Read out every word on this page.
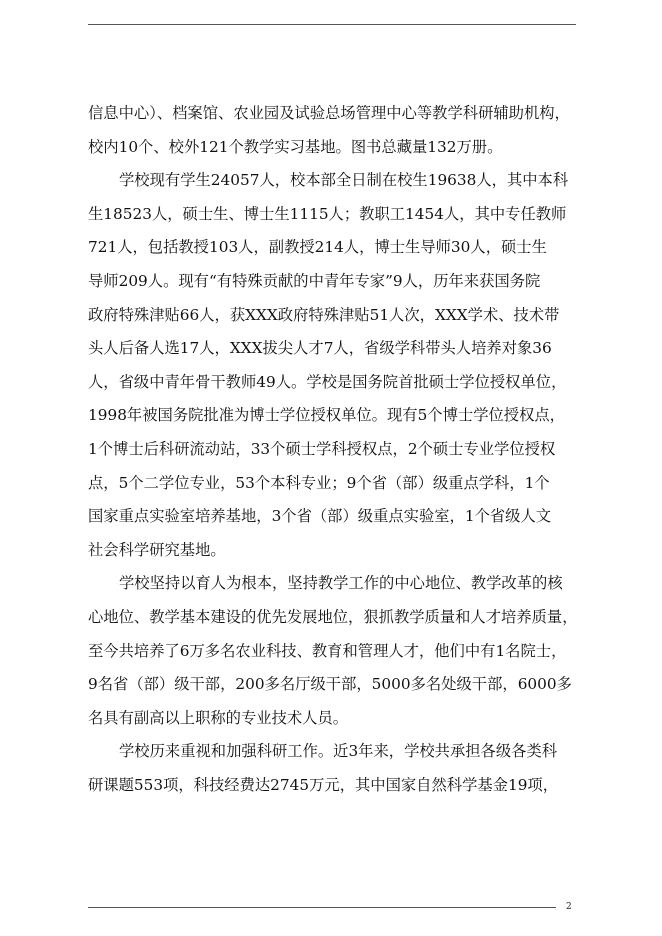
信息中心）、档案馆、农业园及试验总场管理中心等教学科研辅助机构，
校内10个、校外121个教学实习基地。图书总藏量132万册。
学校现有学生24057人，校本部全日制在校生19638人，其中本科
生18523人，硕士生、博士生1115人；教职工1454人，其中专任教师
721人，包括教授103人，副教授214人，博士生导师30人，硕士生
导师209人。现有“有特殊贡献的中青年专家”9人，历年来获国务院
政府特殊津贴66人，获XXX政府特殊津贴51人次，XXX学术、技术带
头人后备人选17人，XXX拔尖人才7人，省级学科带头人培养对象36
人，省级中青年骨干教师49人。学校是国务院首批硕士学位授权单位，
1998年被国务院批准为博士学位授权单位。现有5个博士学位授权点，
1个博士后科研流动站，33个硕士学科授权点，2个硕士专业学位授权
点，5个二学位专业，53个本科专业；9个省（部）级重点学科，1个
国家重点实验室培养基地，3个省（部）级重点实验室，1个省级人文
社会科学研究基地。
学校坚持以育人为根本，坚持教学工作的中心地位、教学改革的核
心地位、教学基本建设的优先发展地位，狠抓教学质量和人才培养质量，
至今共培养了6万多名农业科技、教育和管理人才，他们中有1名院士，
9名省（部）级干部，200多名厅级干部，5000多名处级干部，6000多
名具有副高以上职称的专业技术人员。
学校历来重视和加强科研工作。近3年来，学校共承担各级各类科
研课题553项，科技经费达2745万元，其中国家自然科学基金19项，
2
